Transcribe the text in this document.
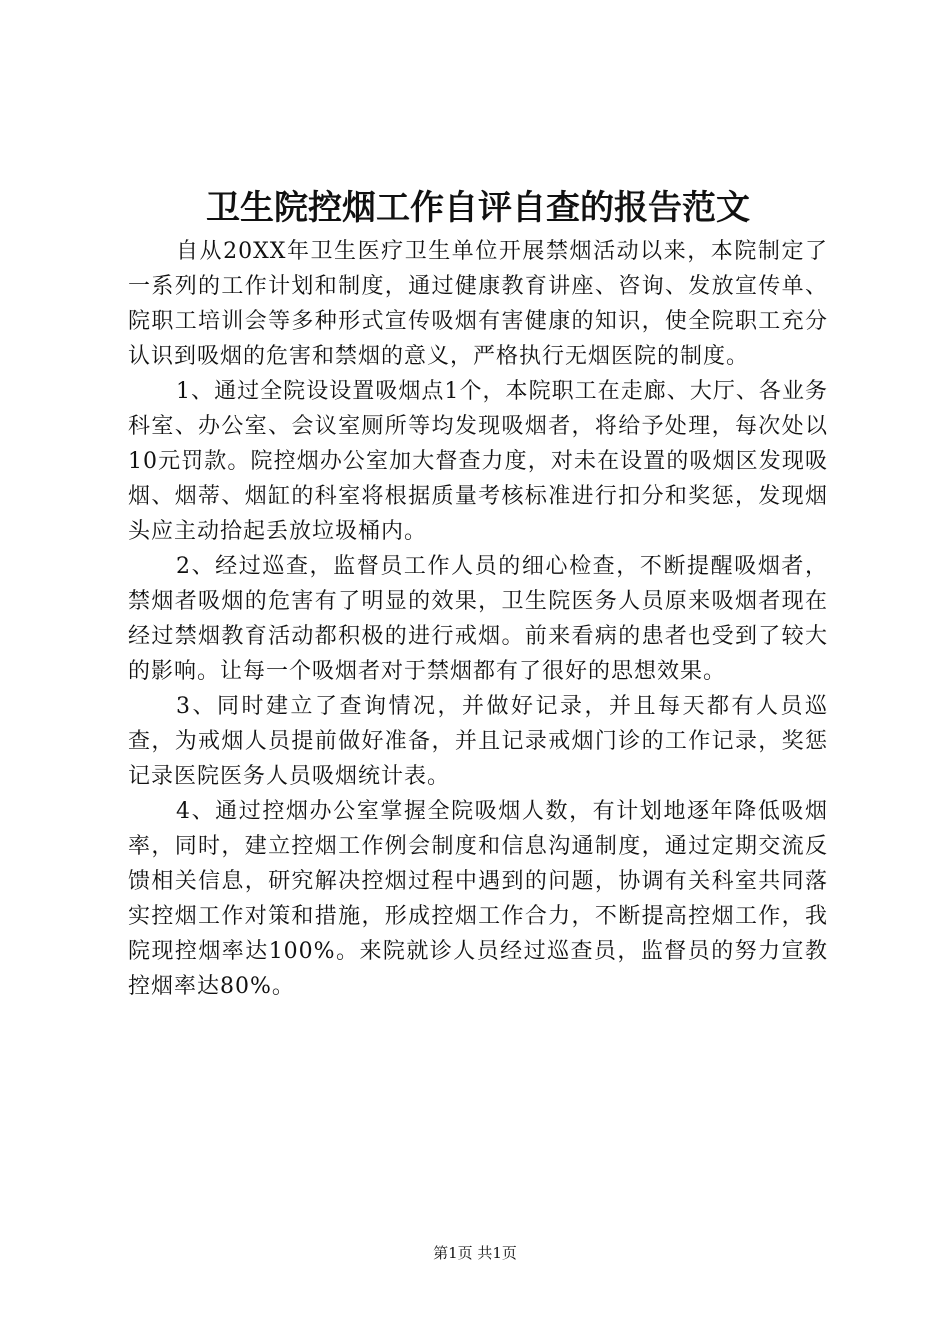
卫生院控烟工作自评自查的报告范文

自从20XX年卫生医疗卫生单位开展禁烟活动以来，本院制定了一系列的工作计划和制度，通过健康教育讲座、咨询、发放宣传单、院职工培训会等多种形式宣传吸烟有害健康的知识，使全院职工充分认识到吸烟的危害和禁烟的意义，严格执行无烟医院的制度。

1、通过全院设设置吸烟点1个，本院职工在走廊、大厅、各业务科室、办公室、会议室厕所等均发现吸烟者，将给予处理，每次处以10元罚款。院控烟办公室加大督查力度，对未在设置的吸烟区发现吸烟、烟蒂、烟缸的科室将根据质量考核标准进行扣分和奖惩，发现烟头应主动拾起丢放垃圾桶内。

2、经过巡查，监督员工作人员的细心检查，不断提醒吸烟者，禁烟者吸烟的危害有了明显的效果，卫生院医务人员原来吸烟者现在经过禁烟教育活动都积极的进行戒烟。前来看病的患者也受到了较大的影响。让每一个吸烟者对于禁烟都有了很好的思想效果。

3、同时建立了查询情况，并做好记录，并且每天都有人员巡查，为戒烟人员提前做好准备，并且记录戒烟门诊的工作记录，奖惩记录医院医务人员吸烟统计表。

4、通过控烟办公室掌握全院吸烟人数，有计划地逐年降低吸烟率，同时，建立控烟工作例会制度和信息沟通制度，通过定期交流反馈相关信息，研究解决控烟过程中遇到的问题，协调有关科室共同落实控烟工作对策和措施，形成控烟工作合力，不断提高控烟工作，我院现控烟率达100%。来院就诊人员经过巡查员，监督员的努力宣教控烟率达80%。

第1页 共1页
